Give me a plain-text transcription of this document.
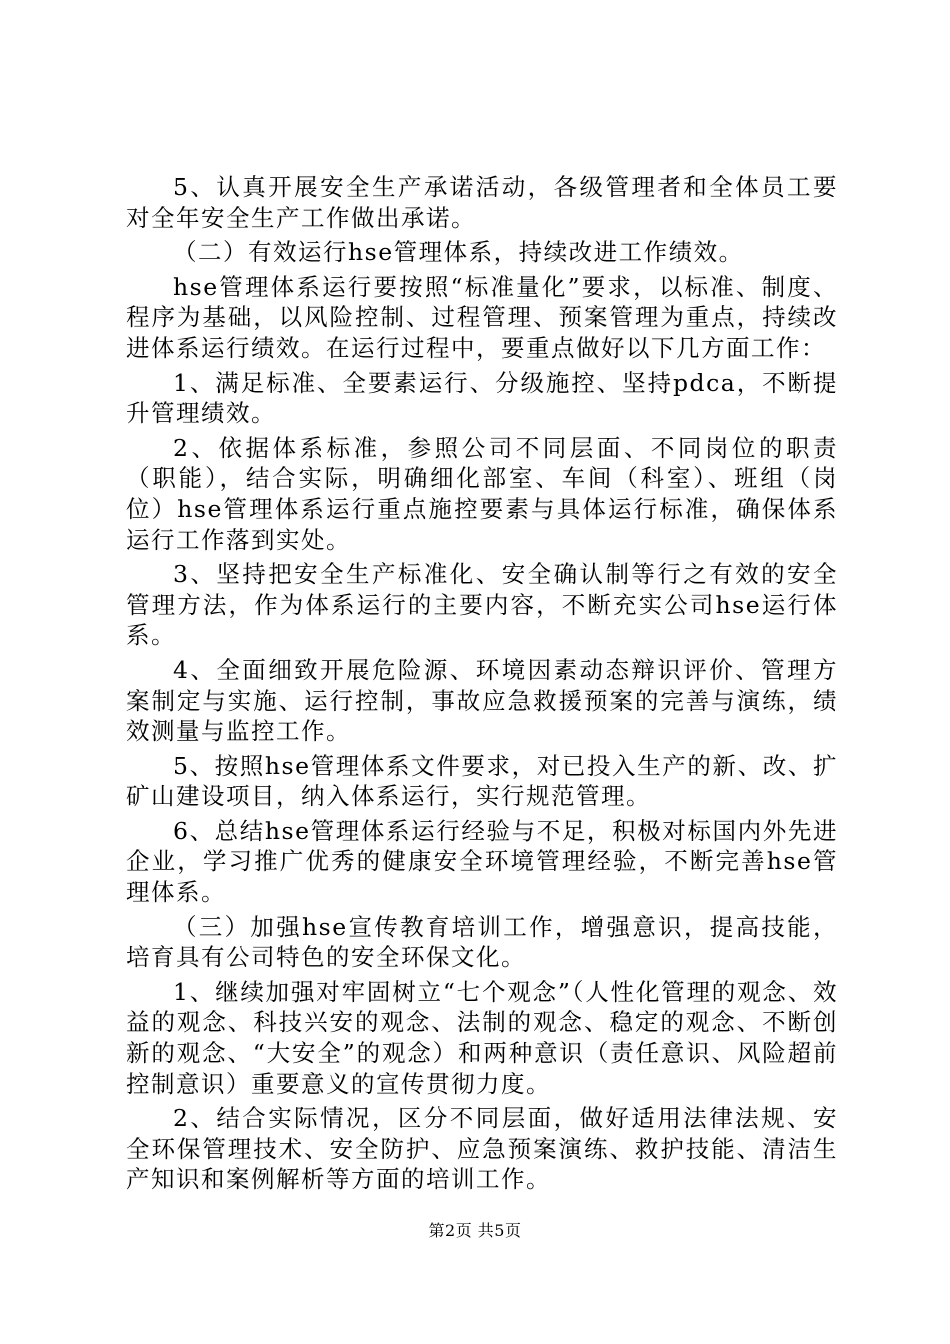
5、认真开展安全生产承诺活动，各级管理者和全体员工要对全年安全生产工作做出承诺。

（二）有效运行hse管理体系，持续改进工作绩效。

hse管理体系运行要按照“标准量化”要求，以标准、制度、程序为基础，以风险控制、过程管理、预案管理为重点，持续改进体系运行绩效。在运行过程中，要重点做好以下几方面工作：

1、满足标准、全要素运行、分级施控、坚持pdca，不断提升管理绩效。

2、依据体系标准，参照公司不同层面、不同岗位的职责（职能），结合实际，明确细化部室、车间（科室）、班组（岗位）hse管理体系运行重点施控要素与具体运行标准，确保体系运行工作落到实处。

3、坚持把安全生产标准化、安全确认制等行之有效的安全管理方法，作为体系运行的主要内容，不断充实公司hse运行体系。

4、全面细致开展危险源、环境因素动态辩识评价、管理方案制定与实施、运行控制，事故应急救援预案的完善与演练，绩效测量与监控工作。

5、按照hse管理体系文件要求，对已投入生产的新、改、扩矿山建设项目，纳入体系运行，实行规范管理。

6、总结hse管理体系运行经验与不足，积极对标国内外先进企业，学习推广优秀的健康安全环境管理经验，不断完善hse管理体系。

（三）加强hse宣传教育培训工作，增强意识，提高技能，培育具有公司特色的安全环保文化。

1、继续加强对牢固树立“七个观念”（人性化管理的观念、效益的观念、科技兴安的观念、法制的观念、稳定的观念、不断创新的观念、“大安全”的观念）和两种意识（责任意识、风险超前控制意识）重要意义的宣传贯彻力度。

2、结合实际情况，区分不同层面，做好适用法律法规、安全环保管理技术、安全防护、应急预案演练、救护技能、清洁生产知识和案例解析等方面的培训工作。

第2页 共5页
